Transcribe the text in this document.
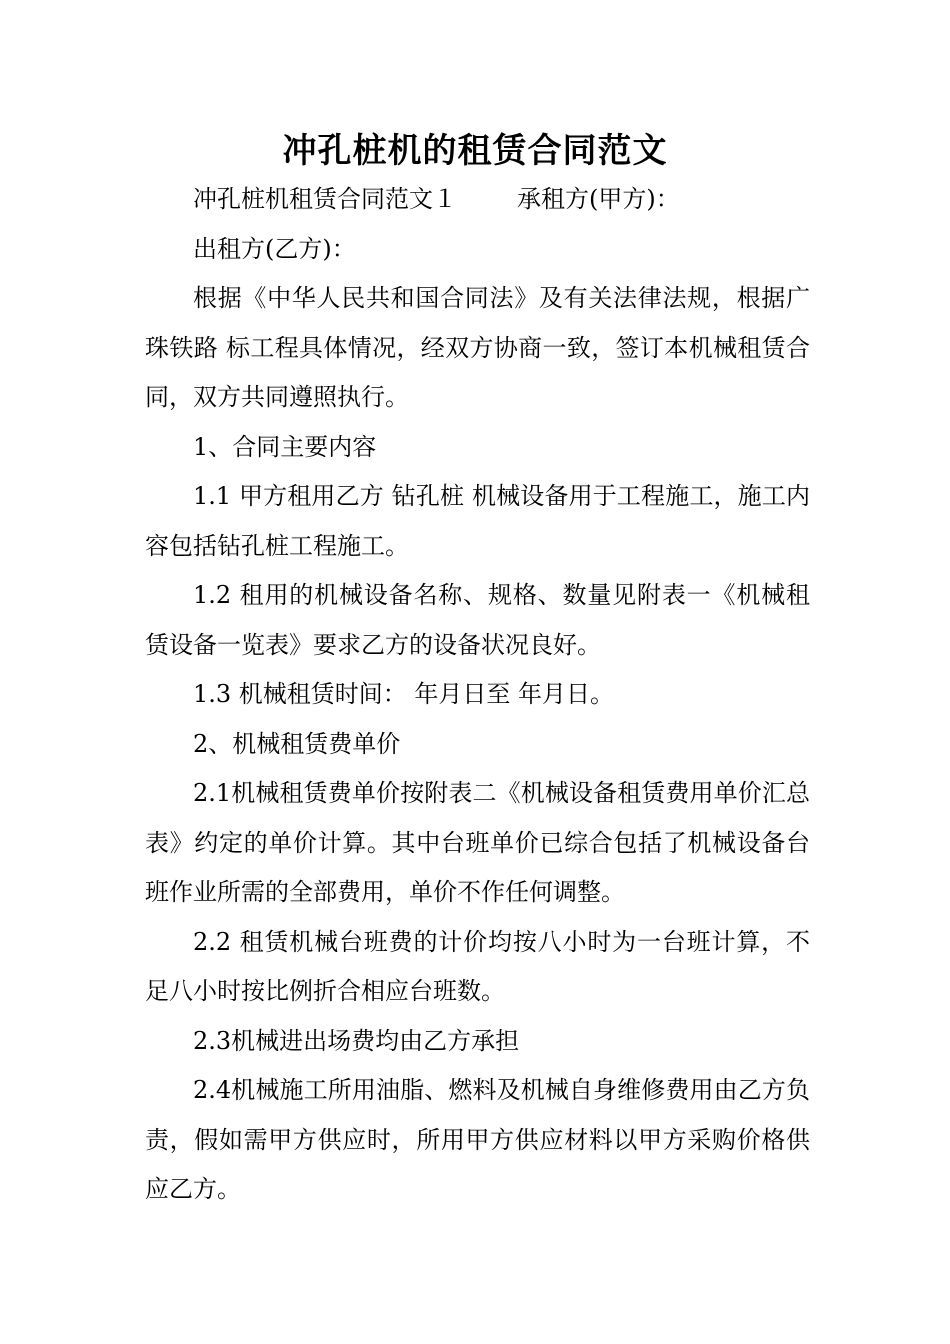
冲孔桩机的租赁合同范文

冲孔桩机租赁合同范文１	承租方(甲方)：

出租方(乙方)：

根据《中华人民共和国合同法》及有关法律法规，根据广珠铁路 标工程具体情况，经双方协商一致，签订本机械租赁合同，双方共同遵照执行。

1、合同主要内容

1.1 甲方租用乙方 钻孔桩 机械设备用于工程施工，施工内容包括钻孔桩工程施工。

1.2 租用的机械设备名称、规格、数量见附表一《机械租赁设备一览表》要求乙方的设备状况良好。

1.3 机械租赁时间： 年月日至 年月日。

2、机械租赁费单价

2.1机械租赁费单价按附表二《机械设备租赁费用单价汇总表》约定的单价计算。其中台班单价已综合包括了机械设备台班作业所需的全部费用，单价不作任何调整。

2.2 租赁机械台班费的计价均按八小时为一台班计算，不足八小时按比例折合相应台班数。

2.3机械进出场费均由乙方承担

2.4机械施工所用油脂、燃料及机械自身维修费用由乙方负责，假如需甲方供应时，所用甲方供应材料以甲方采购价格供应乙方。
